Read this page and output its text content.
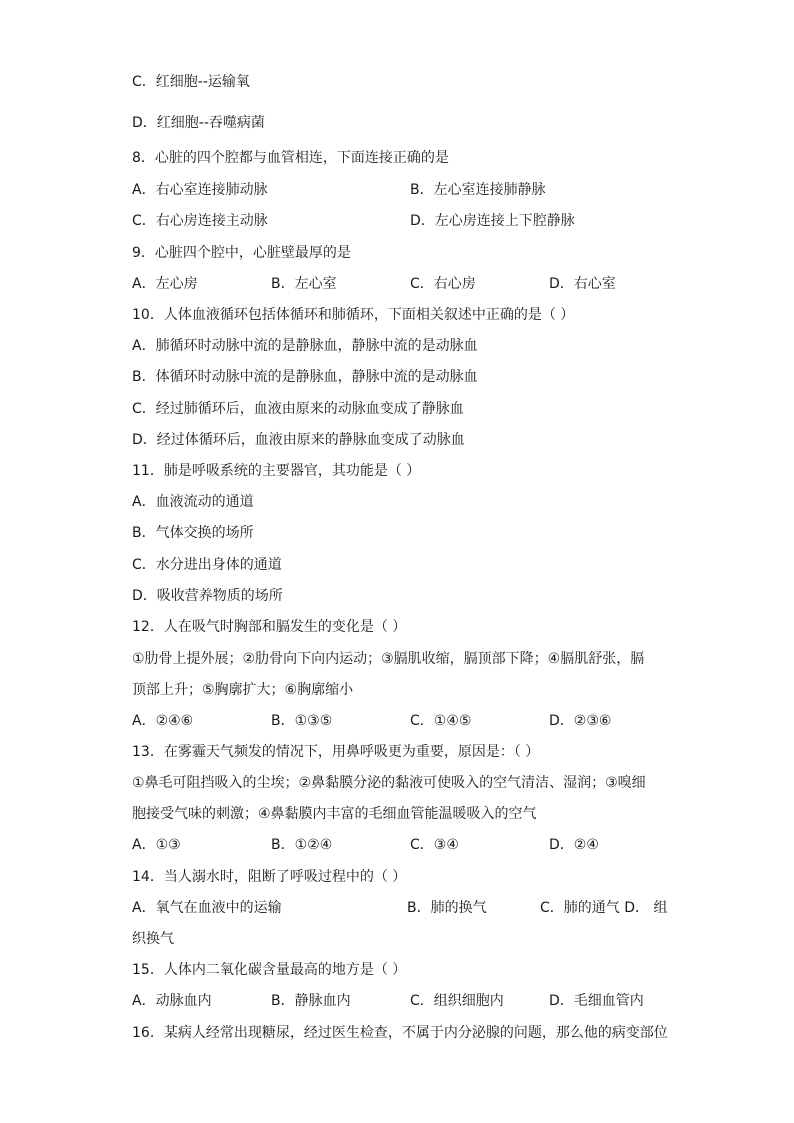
C．红细胞--运输氧
D．红细胞--吞噬病菌
8．心脏的四个腔都与血管相连，下面连接正确的是
A．右心室连接肺动脉	B．左心室连接肺静脉
C．右心房连接主动脉	D．左心房连接上下腔静脉
9．心脏四个腔中，心脏壁最厚的是
A．左心房	B．左心室	C．右心房	D．右心室
10．人体血液循环包括体循环和肺循环，下面相关叙述中正确的是（ ）
A．肺循环时动脉中流的是静脉血，静脉中流的是动脉血
B．体循环时动脉中流的是静脉血，静脉中流的是动脉血
C．经过肺循环后，血液由原来的动脉血变成了静脉血
D．经过体循环后，血液由原来的静脉血变成了动脉血
11．肺是呼吸系统的主要器官，其功能是（ ）
A．血液流动的通道
B．气体交换的场所
C．水分进出身体的通道
D．吸收营养物质的场所
12．人在吸气时胸部和膈发生的变化是（ ）
①肋骨上提外展；②肋骨向下向内运动；③膈肌收缩，膈顶部下降；④膈肌舒张，膈
顶部上升；⑤胸廓扩大；⑥胸廓缩小
A．②④⑥	B．①③⑤	C．①④⑤	D．②③⑥
13．在雾霾天气频发的情况下，用鼻呼吸更为重要，原因是：（ ）
①鼻毛可阻挡吸入的尘埃；②鼻黏膜分泌的黏液可使吸入的空气清洁、湿润；③嗅细
胞接受气味的刺激；④鼻黏膜内丰富的毛细血管能温暖吸入的空气
A．①③	B．①②④	C．③④	D．②④
14．当人溺水时，阻断了呼吸过程中的（ ）
A．氧气在血液中的运输	B．肺的换气	C．肺的通气 D． 组
织换气
15．人体内二氧化碳含量最高的地方是（ ）
A．动脉血内	B．静脉血内	C．组织细胞内	D．毛细血管内
16．某病人经常出现糖尿，经过医生检查，不属于内分泌腺的问题，那么他的病变部位
